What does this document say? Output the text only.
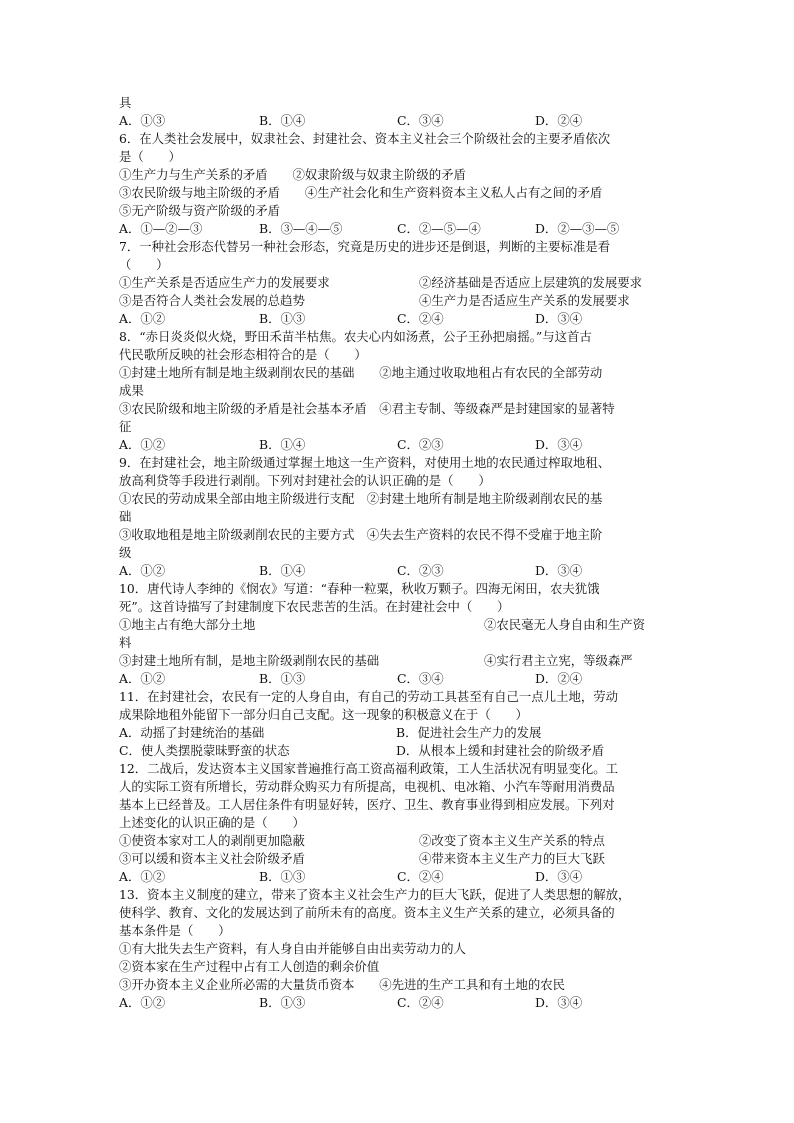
具
A．①③	B．①④	C．③④	D．②④
6．在人类社会发展中，奴隶社会、封建社会、资本主义社会三个阶级社会的主要矛盾依次
是（　　）
①生产力与生产关系的矛盾　　②奴隶阶级与奴隶主阶级的矛盾
③农民阶级与地主阶级的矛盾　　④生产社会化和生产资料资本主义私人占有之间的矛盾
⑤无产阶级与资产阶级的矛盾
A．①—②—③	B．③—④—⑤	C．②—⑤—④	D．②—③—⑤
7．一种社会形态代替另一种社会形态，究竟是历史的进步还是倒退，判断的主要标准是看
（　　）
①生产关系是否适应生产力的发展要求	②经济基础是否适应上层建筑的发展要求
③是否符合人类社会发展的总趋势	④生产力是否适应生产关系的发展要求
A．①②	B．①③	C．②④	D．③④
8．“赤日炎炎似火烧，野田禾苗半枯焦。农夫心内如汤煮，公子王孙把扇摇。”与这首古
代民歌所反映的社会形态相符合的是（　　）
①封建土地所有制是地主级剥削农民的基础　　②地主通过收取地租占有农民的全部劳动
成果
③农民阶级和地主阶级的矛盾是社会基本矛盾　④君主专制、等级森严是封建国家的显著特
征
A．①②	B．①④	C．②③	D．③④
9．在封建社会，地主阶级通过掌握土地这一生产资料，对使用土地的农民通过榨取地租、
放高利贷等手段进行剥削。下列对封建社会的认识正确的是（　　）
①农民的劳动成果全部由地主阶级进行支配　②封建土地所有制是地主阶级剥削农民的基
础
③收取地租是地主阶级剥削农民的主要方式　④失去生产资料的农民不得不受雇于地主阶
级
A．①②	B．①④	C．②③	D．③④
10．唐代诗人李绅的《悯农》写道：“春种一粒粟，秋收万颗子。四海无闲田，农夫犹饿
死”。这首诗描写了封建制度下农民悲苦的生活。在封建社会中（　　）
①地主占有绝大部分土地	②农民毫无人身自由和生产资
料
③封建土地所有制，是地主阶级剥削农民的基础	④实行君主立宪，等级森严
A．①②	B．①③	C．③④	D．②④
11．在封建社会，农民有一定的人身自由，有自己的劳动工具甚至有自己一点儿土地，劳动
成果除地租外能留下一部分归自己支配。这一现象的积极意义在于（　　）
A．动摇了封建统治的基础	B．促进社会生产力的发展
C．使人类摆脱蒙昧野蛮的状态	D．从根本上缓和封建社会的阶级矛盾
12．二战后，发达资本主义国家普遍推行高工资高福利政策，工人生活状况有明显变化。工
人的实际工资有所增长，劳动群众购买力有所提高，电视机、电冰箱、小汽车等耐用消费品
基本上已经普及。工人居住条件有明显好转，医疗、卫生、教育事业得到相应发展。下列对
上述变化的认识正确的是（　　）
①使资本家对工人的剥削更加隐蔽	②改变了资本主义生产关系的特点
③可以缓和资本主义社会阶级矛盾	④带来资本主义生产力的巨大飞跃
A．①②	B．①③	C．②④	D．③④
13．资本主义制度的建立，带来了资本主义社会生产力的巨大飞跃，促进了人类思想的解放，
使科学、教育、文化的发展达到了前所未有的高度。资本主义生产关系的建立，必须具备的
基本条件是（　　）
①有大批失去生产资料，有人身自由并能够自由出卖劳动力的人
②资本家在生产过程中占有工人创造的剩余价值
③开办资本主义企业所必需的大量货币资本　　④先进的生产工具和有土地的农民
A．①②	B．①③	C．②④	D．③④
